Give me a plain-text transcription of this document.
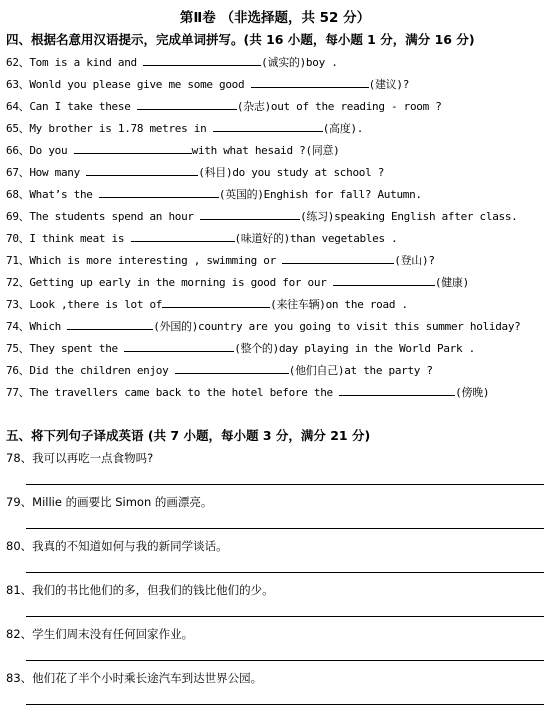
第Ⅱ卷 （非选择题，共 52 分）
四、根据名意用汉语提示，完成单词拼写。(共 16 小题，每小题 1 分，满分 16 分)
62、Tom is a kind and	(诚实的)boy .
63、Wonld you please give me some good	(建议)?
64、Can I take these	(杂志)out of the reading - room ?
65、My brother is 1.78 metres in	(高度).
66、Do you	with what hesaid ?(同意)
67、How many	(科目)do you study at school ?
68、What’s the	(英国的)Enghish for fall? Autumn.
69、The students spend an hour	(练习)speaking English after class.
70、I think meat is	(味道好的)than vegetables .
71、Which is more interesting , swimming or	(登山)?
72、Getting up early in the morning is good for our	(健康)
73、Look ,there is lot of	(来往车辆)on the road .
74、Which	(外国的)country are you going to visit this summer holiday?
75、They spent the	(整个的)day playing in the World Park .
76、Did the children enjoy	(他们自己)at the party ?
77、The travellers came back to the hotel before the	(傍晚)
五、将下列句子译成英语 (共 7 小题，每小题 3 分，满分 21 分)
78、我可以再吃一点食物吗?
79、Millie 的画要比 Simon 的画漂亮。
80、我真的不知道如何与我的新同学谈话。
81、我们的书比他们的多，但我们的钱比他们的少。
82、学生们周末没有任何回家作业。
83、他们花了半个小时乘长途汽车到达世界公园。
